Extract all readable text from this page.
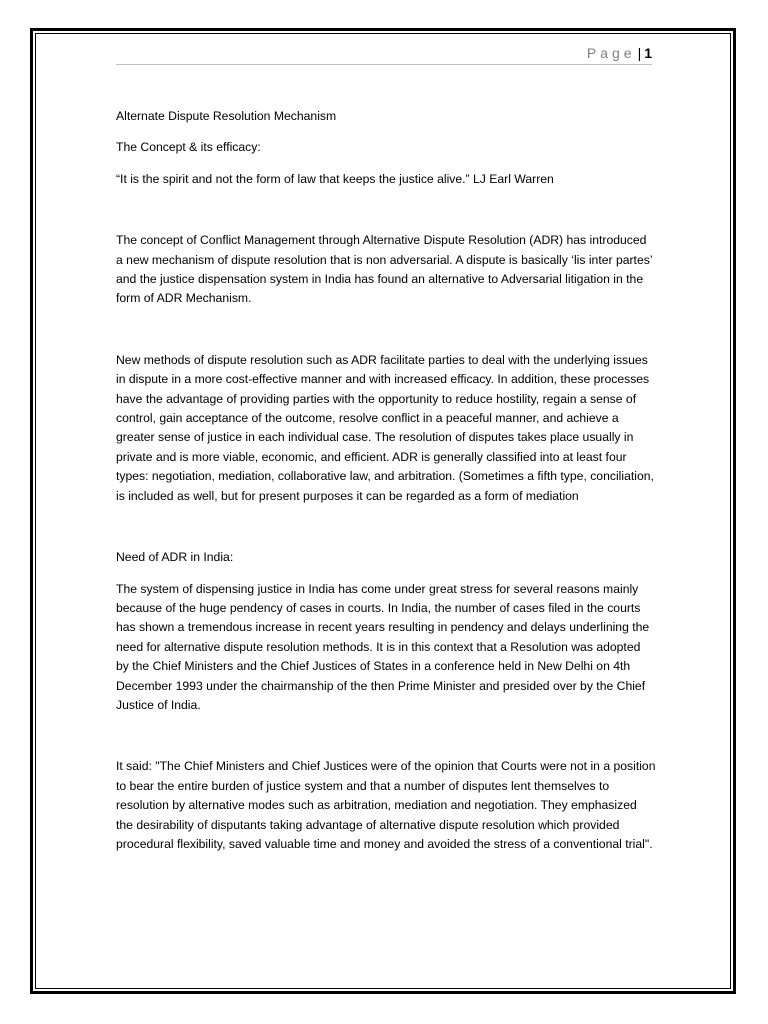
Page | 1

Alternate Dispute Resolution Mechanism

The Concept & its efficacy:

“It is the spirit and not the form of law that keeps the justice alive.” LJ Earl Warren

The concept of Conflict Management through Alternative Dispute Resolution (ADR) has introduced a new mechanism of dispute resolution that is non adversarial. A dispute is basically ‘lis inter partes’ and the justice dispensation system in India has found an alternative to Adversarial litigation in the form of ADR Mechanism.

New methods of dispute resolution such as ADR facilitate parties to deal with the underlying issues in dispute in a more cost-effective manner and with increased efficacy. In addition, these processes have the advantage of providing parties with the opportunity to reduce hostility, regain a sense of control, gain acceptance of the outcome, resolve conflict in a peaceful manner, and achieve a greater sense of justice in each individual case. The resolution of disputes takes place usually in private and is more viable, economic, and efficient. ADR is generally classified into at least four types: negotiation, mediation, collaborative law, and arbitration. (Sometimes a fifth type, conciliation, is included as well, but for present purposes it can be regarded as a form of mediation

Need of ADR in India:

The system of dispensing justice in India has come under great stress for several reasons mainly because of the huge pendency of cases in courts. In India, the number of cases filed in the courts has shown a tremendous increase in recent years resulting in pendency and delays underlining the need for alternative dispute resolution methods. It is in this context that a Resolution was adopted by the Chief Ministers and the Chief Justices of States in a conference held in New Delhi on 4th December 1993 under the chairmanship of the then Prime Minister and presided over by the Chief Justice of India.

It said: "The Chief Ministers and Chief Justices were of the opinion that Courts were not in a position to bear the entire burden of justice system and that a number of disputes lent themselves to resolution by alternative modes such as arbitration, mediation and negotiation. They emphasized the desirability of disputants taking advantage of alternative dispute resolution which provided procedural flexibility, saved valuable time and money and avoided the stress of a conventional trial".
